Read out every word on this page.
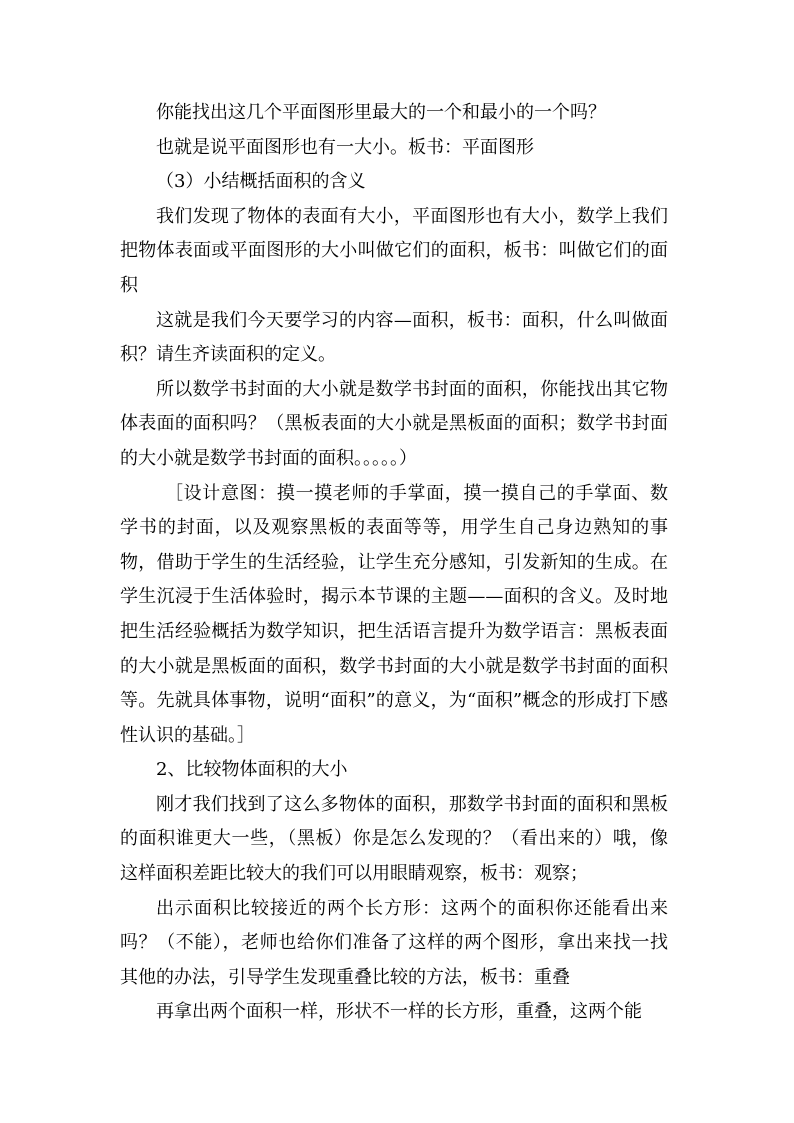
你能找出这几个平面图形里最大的一个和最小的一个吗？

也就是说平面图形也有一大小。板书：平面图形

（3）小结概括面积的含义

我们发现了物体的表面有大小，平面图形也有大小，数学上我们把物体表面或平面图形的大小叫做它们的面积，板书：叫做它们的面积

这就是我们今天要学习的内容—面积，板书：面积，什么叫做面积？请生齐读面积的定义。

所以数学书封面的大小就是数学书封面的面积，你能找出其它物体表面的面积吗？（黑板表面的大小就是黑板面的面积；数学书封面的大小就是数学书封面的面积。。。。。）

［设计意图：摸一摸老师的手掌面，摸一摸自己的手掌面、数学书的封面，以及观察黑板的表面等等，用学生自己身边熟知的事物，借助于学生的生活经验，让学生充分感知，引发新知的生成。在学生沉浸于生活体验时，揭示本节课的主题——面积的含义。及时地把生活经验概括为数学知识，把生活语言提升为数学语言：黑板表面的大小就是黑板面的面积，数学书封面的大小就是数学书封面的面积等。先就具体事物，说明“面积”的意义，为“面积”概念的形成打下感性认识的基础。］

2、比较物体面积的大小

刚才我们找到了这么多物体的面积，那数学书封面的面积和黑板的面积谁更大一些，（黑板）你是怎么发现的？（看出来的）哦，像这样面积差距比较大的我们可以用眼睛观察，板书：观察；

出示面积比较接近的两个长方形：这两个的面积你还能看出来吗？（不能），老师也给你们准备了这样的两个图形，拿出来找一找其他的办法，引导学生发现重叠比较的方法，板书：重叠

再拿出两个面积一样，形状不一样的长方形，重叠，这两个能
